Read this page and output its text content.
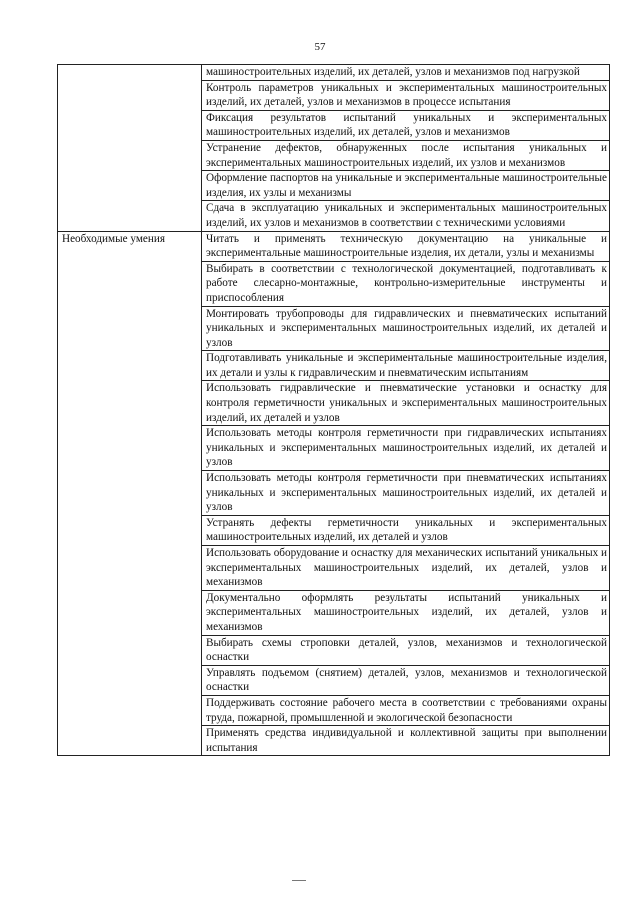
57
	машиностроительных изделий, их деталей, узлов и механизмов под нагрузкой
	Контроль параметров уникальных и экспериментальных машиностроительных изделий, их деталей, узлов и механизмов в процессе испытания
	Фиксация результатов испытаний уникальных и экспериментальных машиностроительных изделий, их деталей, узлов и механизмов
	Устранение дефектов, обнаруженных после испытания уникальных и экспериментальных машиностроительных изделий, их узлов и механизмов
	Оформление паспортов на уникальные и экспериментальные машиностроительные изделия, их узлы и механизмы
	Сдача в эксплуатацию уникальных и экспериментальных машиностроительных изделий, их узлов и механизмов в соответствии с техническими условиями
Необходимые умения	Читать и применять техническую документацию на уникальные и экспериментальные машиностроительные изделия, их детали, узлы и механизмы
	Выбирать в соответствии с технологической документацией, подготавливать к работе слесарно-монтажные, контрольно-измерительные инструменты и приспособления
	Монтировать трубопроводы для гидравлических и пневматических испытаний уникальных и экспериментальных машиностроительных изделий, их деталей и узлов
	Подготавливать уникальные и экспериментальные машиностроительные изделия, их детали и узлы к гидравлическим и пневматическим испытаниям
	Использовать гидравлические и пневматические установки и оснастку для контроля герметичности уникальных и экспериментальных машиностроительных изделий, их деталей и узлов
	Использовать методы контроля герметичности при гидравлических испытаниях уникальных и экспериментальных машиностроительных изделий, их деталей и узлов
	Использовать методы контроля герметичности при пневматических испытаниях уникальных и экспериментальных машиностроительных изделий, их деталей и узлов
	Устранять дефекты герметичности уникальных и экспериментальных машиностроительных изделий, их деталей и узлов
	Использовать оборудование и оснастку для механических испытаний уникальных и экспериментальных машиностроительных изделий, их деталей, узлов и механизмов
	Документально оформлять результаты испытаний уникальных и экспериментальных машиностроительных изделий, их деталей, узлов и механизмов
	Выбирать схемы строповки деталей, узлов, механизмов и технологической оснастки
	Управлять подъемом (снятием) деталей, узлов, механизмов и технологической оснастки
	Поддерживать состояние рабочего места в соответствии с требованиями охраны труда, пожарной, промышленной и экологической безопасности
	Применять средства индивидуальной и коллективной защиты при выполнении испытания
